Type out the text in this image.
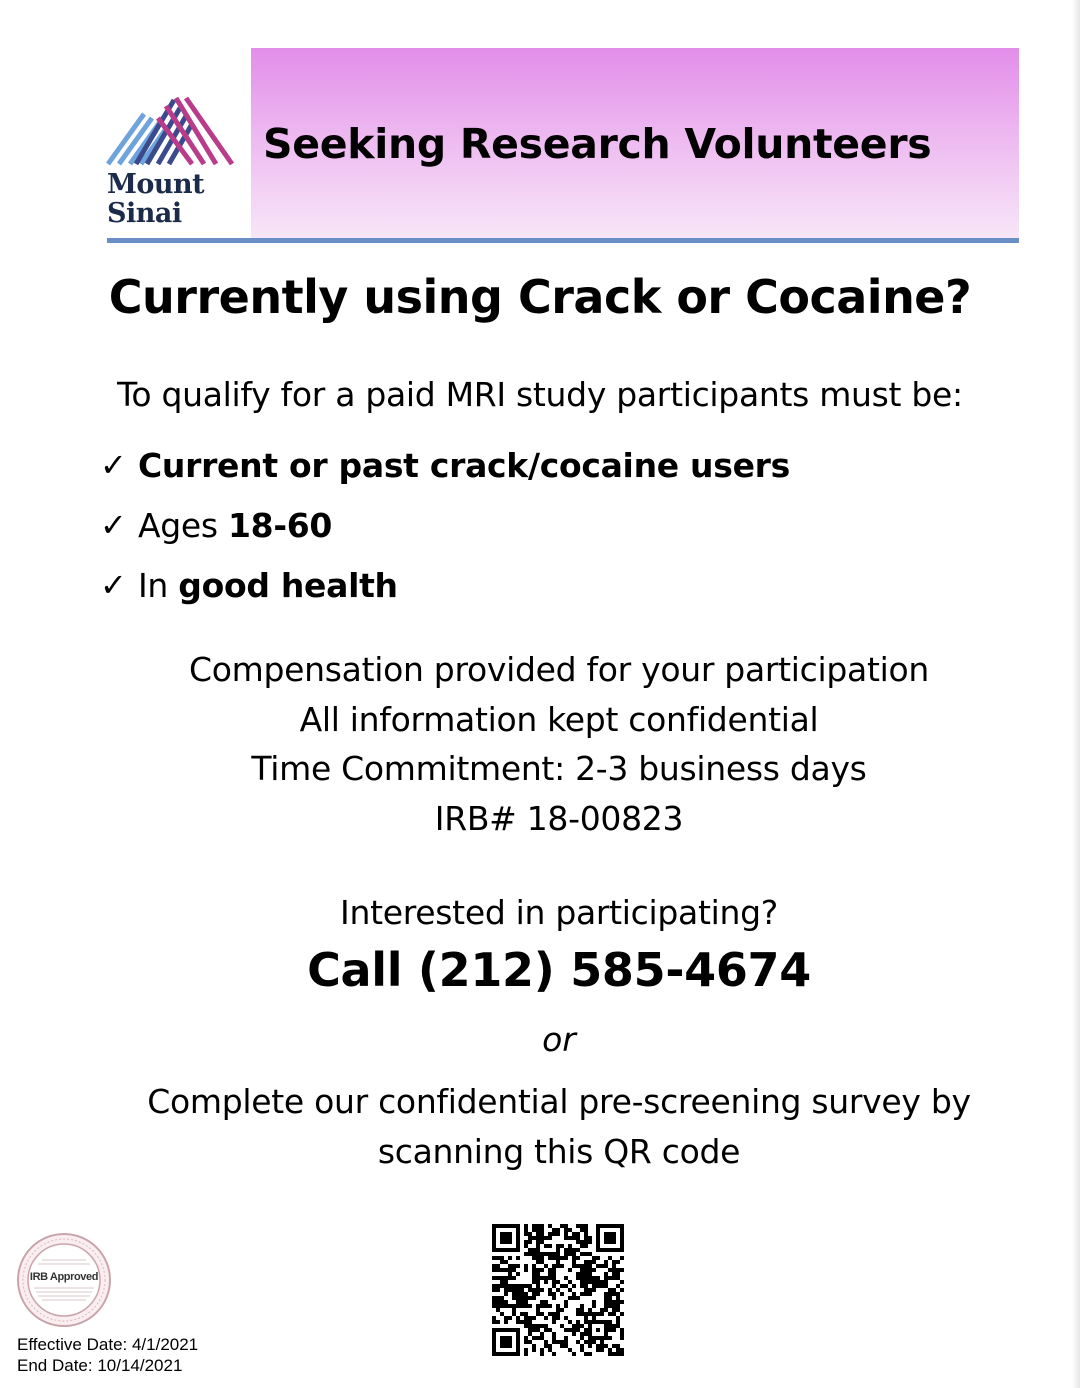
Mount
Sinai
Seeking Research Volunteers
Currently using Crack or Cocaine?
To qualify for a paid MRI study participants must be:
✓ Current or past crack/cocaine users
✓ Ages 18-60
✓ In good health
Compensation provided for your participation
All information kept confidential
Time Commitment: 2-3 business days
IRB# 18-00823
Interested in participating?
Call (212) 585-4674
or
Complete our confidential pre-screening survey by
scanning this QR code
IRB Approved
Effective Date: 4/1/2021
End Date: 10/14/2021
